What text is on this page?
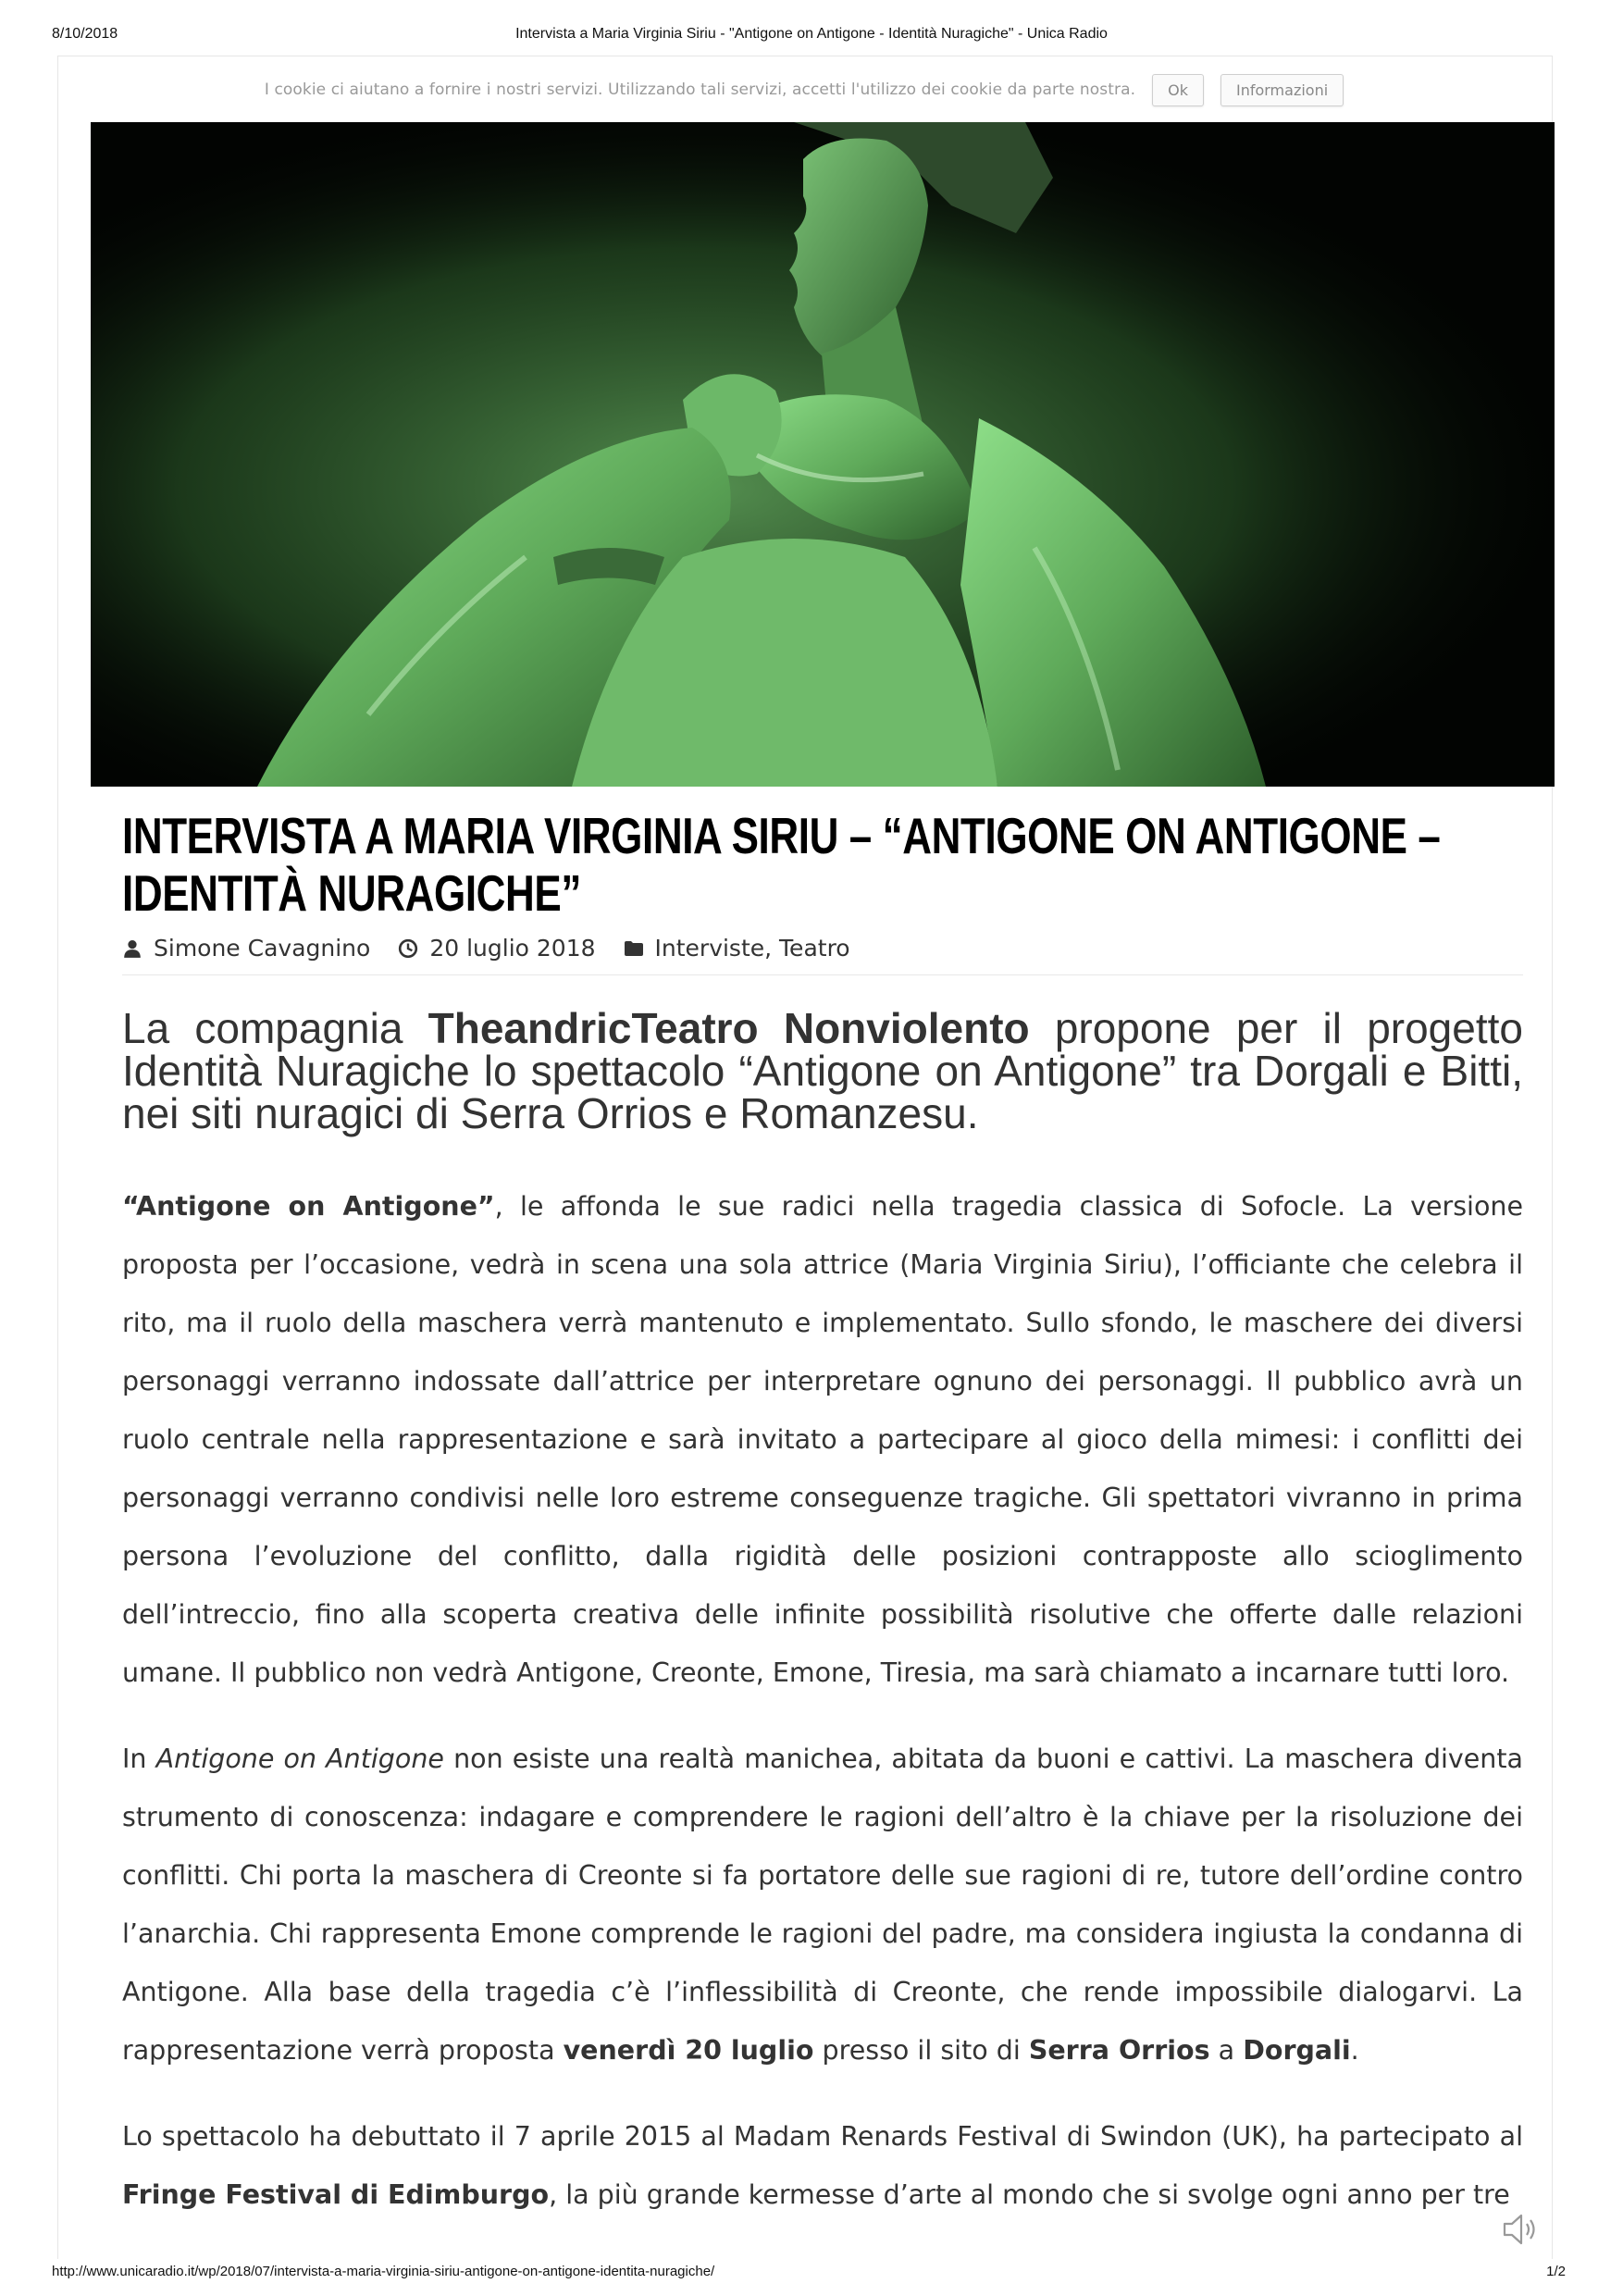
8/10/2018	Intervista a Maria Virginia Siriu - "Antigone on Antigone - Identità Nuragiche" - Unica Radio
I cookie ci aiutano a fornire i nostri servizi. Utilizzando tali servizi, accetti l'utilizzo dei cookie da parte nostra.	Ok	Informazioni
INTERVISTA A MARIA VIRGINIA SIRIU – “ANTIGONE ON ANTIGONE – IDENTITÀ NURAGICHE”
Simone Cavagnino	20 luglio 2018	Interviste, Teatro

La compagnia TheandricTeatro Nonviolento propone per il progetto Identità Nuragiche lo spettacolo “Antigone on Antigone” tra Dorgali e Bitti, nei siti nuragici di Serra Orrios e Romanzesu.

“Antigone on Antigone”, le affonda le sue radici nella tragedia classica di Sofocle. La versione proposta per l’occasione, vedrà in scena una sola attrice (Maria Virginia Siriu), l’officiante che celebra il rito, ma il ruolo della maschera verrà mantenuto e implementato. Sullo sfondo, le maschere dei diversi personaggi verranno indossate dall’attrice per interpretare ognuno dei personaggi. Il pubblico avrà un ruolo centrale nella rappresentazione e sarà invitato a partecipare al gioco della mimesi: i conflitti dei personaggi verranno condivisi nelle loro estreme conseguenze tragiche. Gli spettatori vivranno in prima persona l’evoluzione del conflitto, dalla rigidità delle posizioni contrapposte allo scioglimento dell’intreccio, fino alla scoperta creativa delle infinite possibilità risolutive che offerte dalle relazioni umane. Il pubblico non vedrà Antigone, Creonte, Emone, Tiresia, ma sarà chiamato a incarnare tutti loro.

In Antigone on Antigone non esiste una realtà manichea, abitata da buoni e cattivi. La maschera diventa strumento di conoscenza: indagare e comprendere le ragioni dell’altro è la chiave per la risoluzione dei conflitti. Chi porta la maschera di Creonte si fa portatore delle sue ragioni di re, tutore dell’ordine contro l’anarchia. Chi rappresenta Emone comprende le ragioni del padre, ma considera ingiusta la condanna di Antigone. Alla base della tragedia c’è l’inflessibilità di Creonte, che rende impossibile dialogarvi. La rappresentazione verrà proposta venerdì 20 luglio presso il sito di Serra Orrios a Dorgali.

Lo spettacolo ha debuttato il 7 aprile 2015 al Madam Renards Festival di Swindon (UK), ha partecipato al Fringe Festival di Edimburgo, la più grande kermesse d’arte al mondo che si svolge ogni anno per tre

http://www.unicaradio.it/wp/2018/07/intervista-a-maria-virginia-siriu-antigone-on-antigone-identita-nuragiche/	1/2
